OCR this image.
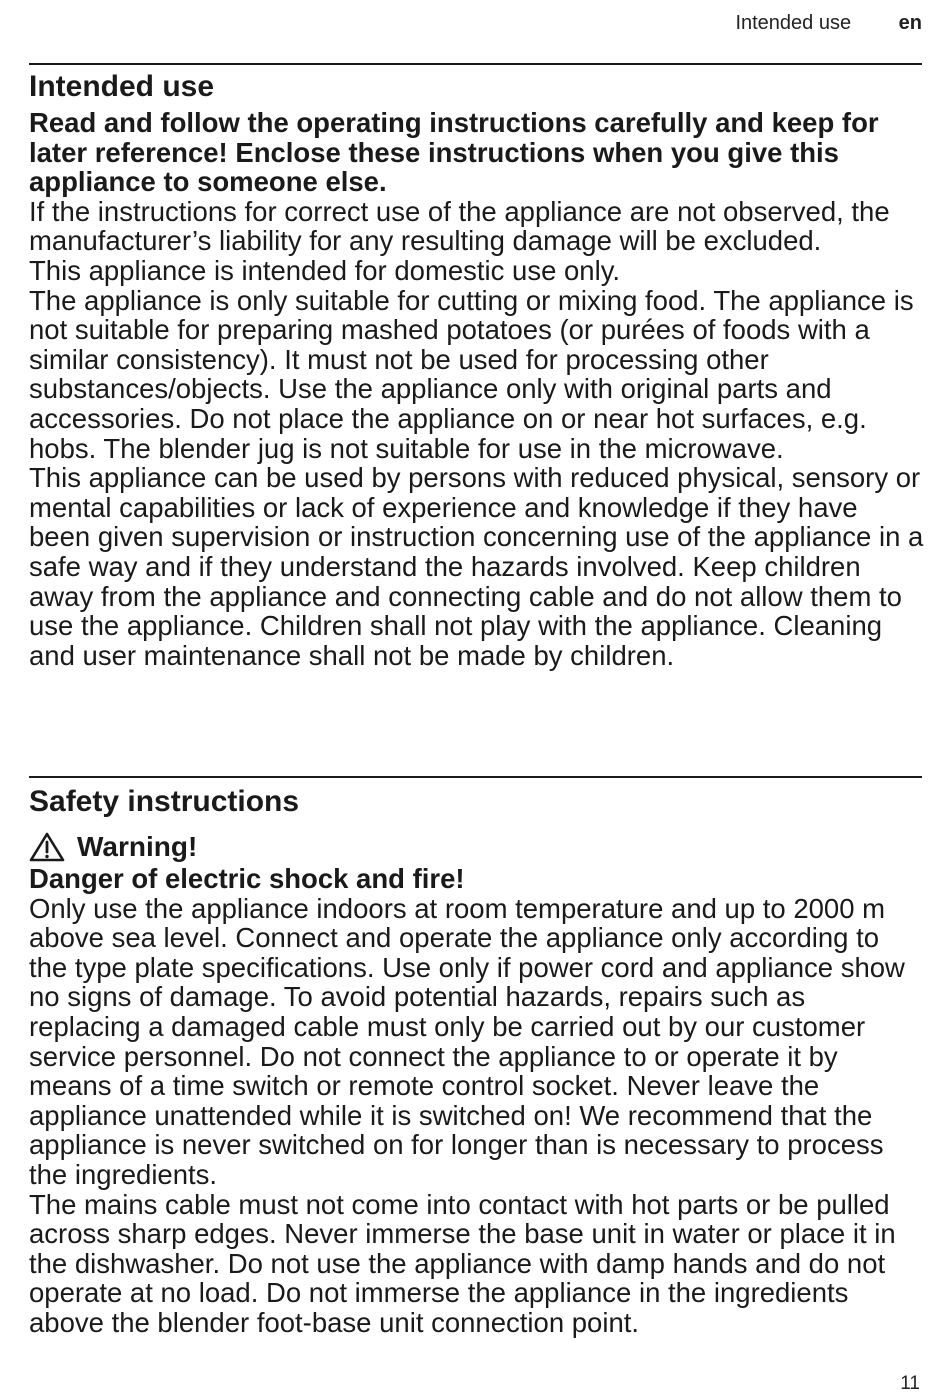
Intended use en
Intended use

Read and follow the operating instructions carefully and keep for later reference! Enclose these instructions when you give this appliance to someone else.

If the instructions for correct use of the appliance are not observed, the manufacturer’s liability for any resulting damage will be excluded.

This appliance is intended for domestic use only.

The appliance is only suitable for cutting or mixing food. The appliance is not suitable for preparing mashed potatoes (or purées of foods with a similar consistency). It must not be used for processing other substances/objects. Use the appliance only with original parts and accessories. Do not place the appliance on or near hot surfaces, e.g. hobs. The blender jug is not suitable for use in the microwave.

This appliance can be used by persons with reduced physical, sensory or mental capabilities or lack of experience and knowledge if they have been given supervision or instruction concerning use of the appliance in a safe way and if they understand the hazards involved. Keep children away from the appliance and connecting cable and do not allow them to use the appliance. Children shall not play with the appliance. Cleaning and user maintenance shall not be made by children.

Safety instructions
Warning!

Danger of electric shock and fire!

Only use the appliance indoors at room temperature and up to 2000 m above sea level. Connect and operate the appliance only according to the type plate specifications. Use only if power cord and appliance show no signs of damage. To avoid potential hazards, repairs such as replacing a damaged cable must only be carried out by our customer service personnel. Do not connect the appliance to or operate it by means of a time switch or remote control socket. Never leave the appliance unattended while it is switched on! We recommend that the appliance is never switched on for longer than is necessary to process the ingredients.

The mains cable must not come into contact with hot parts or be pulled across sharp edges. Never immerse the base unit in water or place it in the dishwasher. Do not use the appliance with damp hands and do not operate at no load. Do not immerse the appliance in the ingredients above the blender foot-base unit connection point.

11
